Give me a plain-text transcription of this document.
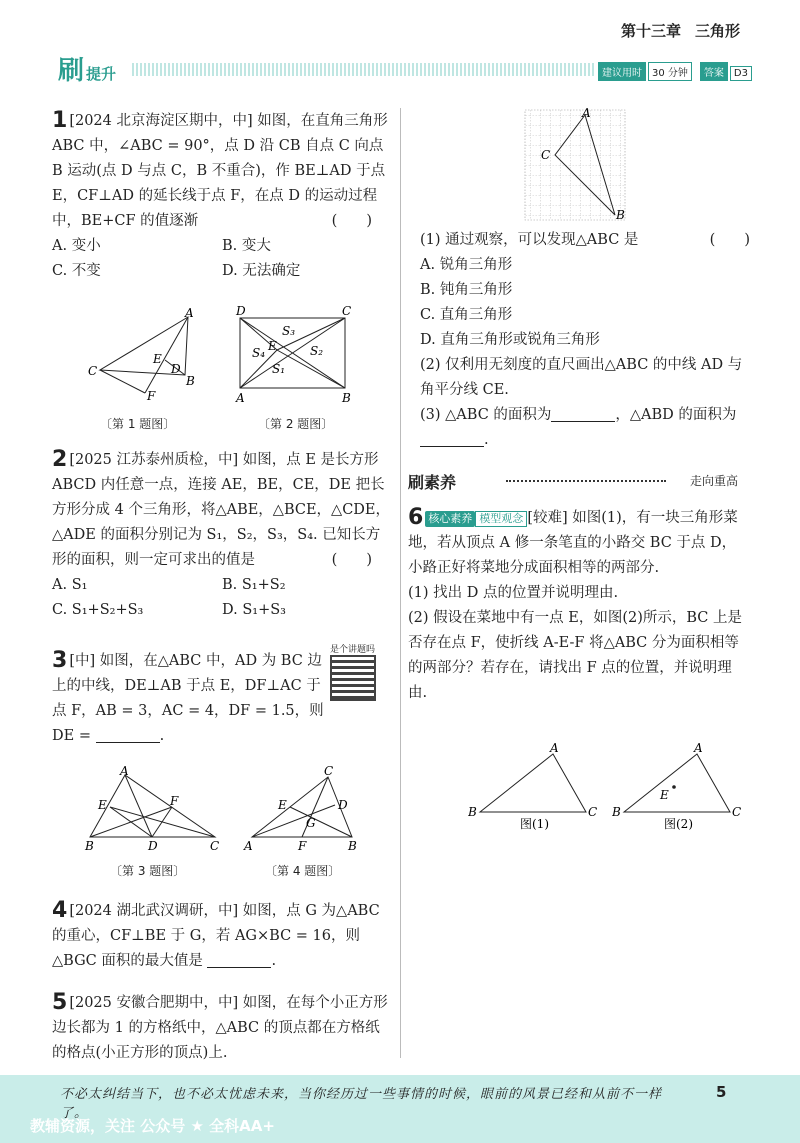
第十三章 三角形
刷提升	建议用时 30 分钟 答案 D3
1 [2024 北京海淀区期中，中] 如图，在直角三角形 ABC 中，∠ABC = 90°，点 D 沿 CB 自点 C 向点 B 运动(点 D 与点 C，B 不重合)，作 BE⊥AD 于点 E，CF⊥AD 的延长线于点 F，在点 D 的运动过程中，BE+CF 的值逐渐	(　　)
A. 变小	B. 变大
C. 不变	D. 无法确定
A
B
C
E
D
F
〔第 1 题图〕
D	C
A	B
S₃
S₄	S₂
S₁
E
〔第 2 题图〕
2 [2025 江苏泰州质检，中] 如图，点 E 是长方形 ABCD 内任意一点，连接 AE，BE，CE，DE 把长方形分成 4 个三角形，将△ABE，△BCE，△CDE，△ADE 的面积分别记为 S₁，S₂，S₃，S₄. 已知长方形的面积，则一定可求出的值是	(　　)
A. S₁	B. S₁+S₂
C. S₁+S₂+S₃	D. S₁+S₃
3 [中] 如图，在△ABC 中，AD 为 BC 边上的中线，DE⊥AB 于点 E，DF⊥AC 于点 F，AB = 3，AC = 4，DF = 1.5，则
DE =	.
是个讲题吗
A
B	C
D
E	F
〔第 3 题图〕
C
A	B
F
E	D
G
〔第 4 题图〕
4 [2024 湖北武汉调研，中] 如图，点 G 为△ABC 的重心，CF⊥BE 于 G，若 AG×BC = 16，则△BGC 面积的最大值是	.
5 [2025 安徽合肥期中，中] 如图，在每个小正方形边长都为 1 的方格纸中，△ABC 的顶点都在方格纸的格点(小正方形的顶点)上.
A
C
B
(1) 通过观察，可以发现△ABC 是	(　　)
A. 锐角三角形
B. 钝角三角形
C. 直角三角形
D. 直角三角形或锐角三角形
(2) 仅利用无刻度的直尺画出△ABC 的中线 AD 与角平分线 CE.
(3) △ABC 的面积为	，△ABD 的面积为.
刷素养	走向重高
6 核心素养 模型观念 [较难] 如图(1)，有一块三角形菜地，若从顶点 A 修一条笔直的小路交 BC 于点 D，小路正好将菜地分成面积相等的两部分.
(1) 找出 D 点的位置并说明理由.
(2) 假设在菜地中有一点 E，如图(2)所示，BC 上是否存在点 F，使折线 A-E-F 将△ABC 分为面积相等的两部分？若存在，请找出 F 点的位置，并说明理由.
A
B	C
图(1)
A
B	C
E
图(2)
不必太纠结当下，也不必太忧虑未来，当你经历过一些事情的时候，眼前的风景已经和从前不一样了。
5
教辅资源，关注 公众号 ★ 全科AA+
